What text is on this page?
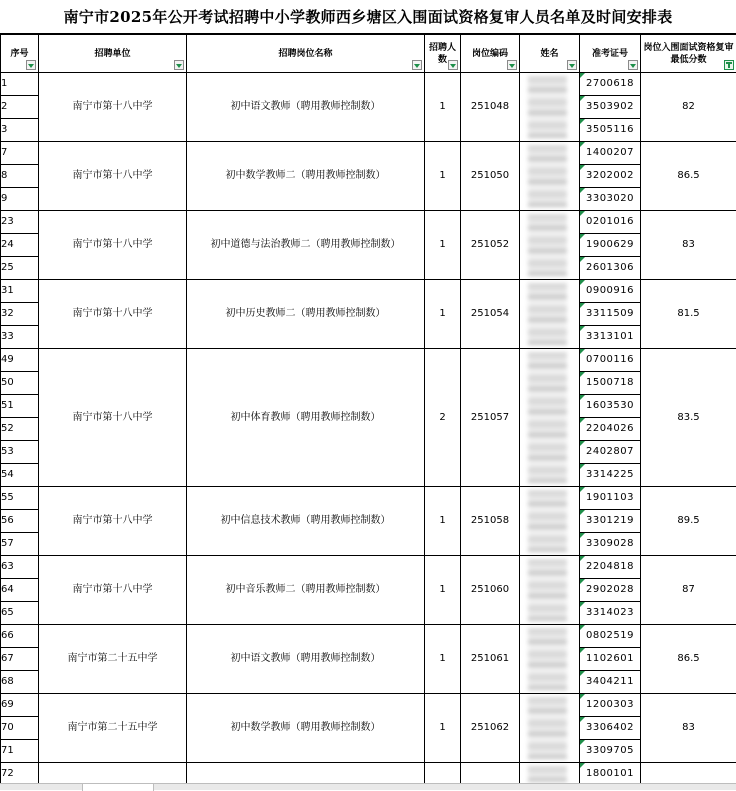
南宁市2025年公开考试招聘中小学教师西乡塘区入围面试资格复审人员名单及时间安排表
序号	招聘单位	招聘岗位名称	招聘人数	岗位编码	姓名	准考证号	岗位入围面试资格复审最低分数

1	南宁市第十八中学	初中语文教师（聘用教师控制数）	1	251048		2700618	82
2						3503902	
3						3505116	
7	南宁市第十八中学	初中数学教师二（聘用教师控制数）	1	251050		1400207	86.5
8						3202002	
9						3303020	
23	南宁市第十八中学	初中道德与法治教师二（聘用教师控制数）	1	251052		0201016	83
24						1900629	
25						2601306	
31	南宁市第十八中学	初中历史教师二（聘用教师控制数）	1	251054		0900916	81.5
32						3311509	
33						3313101	
49	南宁市第十八中学	初中体育教师（聘用教师控制数）	2	251057		0700116	83.5
50						1500718	
51						1603530	
52						2204026	
53						2402807	
54						3314225	
55	南宁市第十八中学	初中信息技术教师（聘用教师控制数）	1	251058		1901103	89.5
56						3301219	
57						3309028	
63	南宁市第十八中学	初中音乐教师二（聘用教师控制数）	1	251060		2204818	87
64						2902028	
65						3314023	
66	南宁市第二十五中学	初中语文教师（聘用教师控制数）	1	251061		0802519	86.5
67						1102601	
68						3404211	
69	南宁市第二十五中学	初中数学教师（聘用教师控制数）	1	251062		1200303	83
70						3306402	
71						3309705	
72						1800101	
